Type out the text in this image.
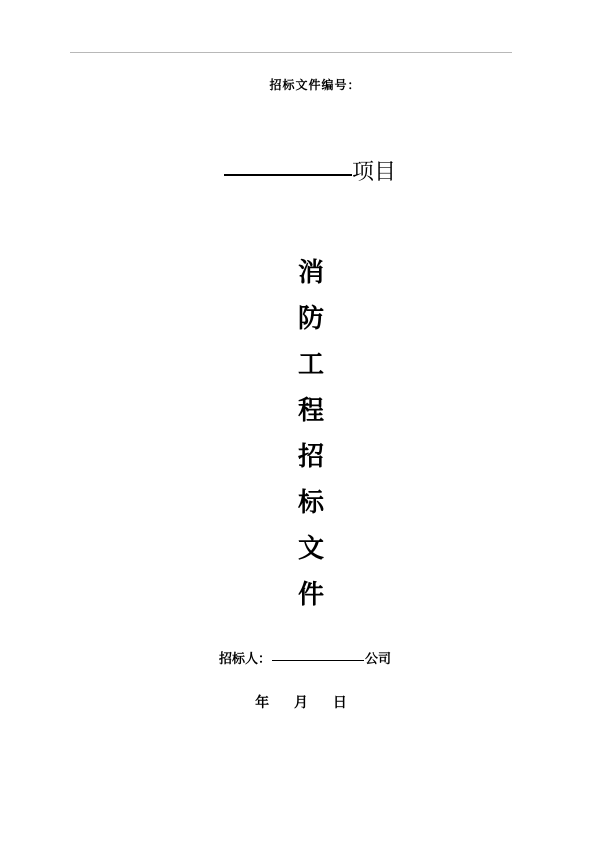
招标文件编号：
项目
消
防
工
程
招
标
文
件
招标人：	公司
年 月 日
